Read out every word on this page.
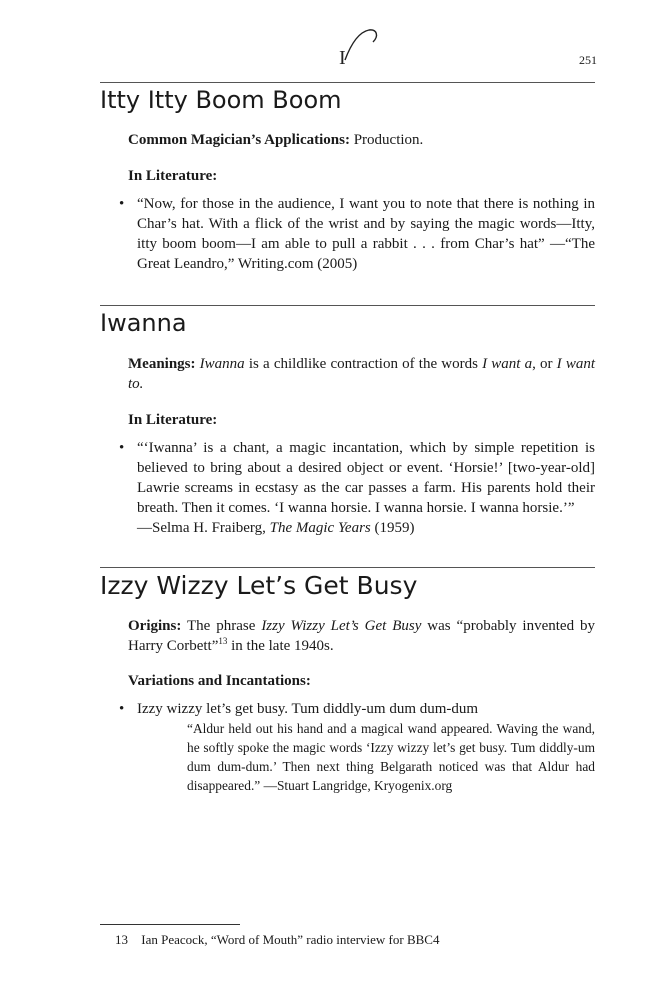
I	251
Itty Itty Boom Boom
Common Magician’s Applications: Production.
In Literature:
• “Now, for those in the audience, I want you to note that there is nothing in Char’s hat. With a flick of the wrist and by saying the magic words—Itty, itty boom boom—I am able to pull a rabbit . . . from Char’s hat” —“The Great Leandro,” Writing.com (2005)
Iwanna
Meanings: Iwanna is a childlike contraction of the words I want a, or I want to.
In Literature:
• “‘Iwanna’ is a chant, a magic incantation, which by simple repetition is believed to bring about a desired object or event. ‘Horsie!’ [two-year-old] Lawrie screams in ecstasy as the car passes a farm. His parents hold their breath. Then it comes. ‘I wanna horsie. I wanna horsie. I wanna horsie.’”
—Selma H. Fraiberg, The Magic Years (1959)
Izzy Wizzy Let’s Get Busy
Origins: The phrase Izzy Wizzy Let’s Get Busy was “probably invented by Harry Corbett”$^{13}$ in the late 1940s.
Variations and Incantations:
• Izzy wizzy let’s get busy. Tum diddly-um dum dum-dum
“Aldur held out his hand and a magical wand appeared. Waving the wand, he softly spoke the magic words ‘Izzy wizzy let’s get busy. Tum diddly-um dum dum-dum.’ Then next thing Belgarath noticed was that Aldur had disappeared.” —Stuart Langridge, Kryogenix.org
13 Ian Peacock, “Word of Mouth” radio interview for BBC4
